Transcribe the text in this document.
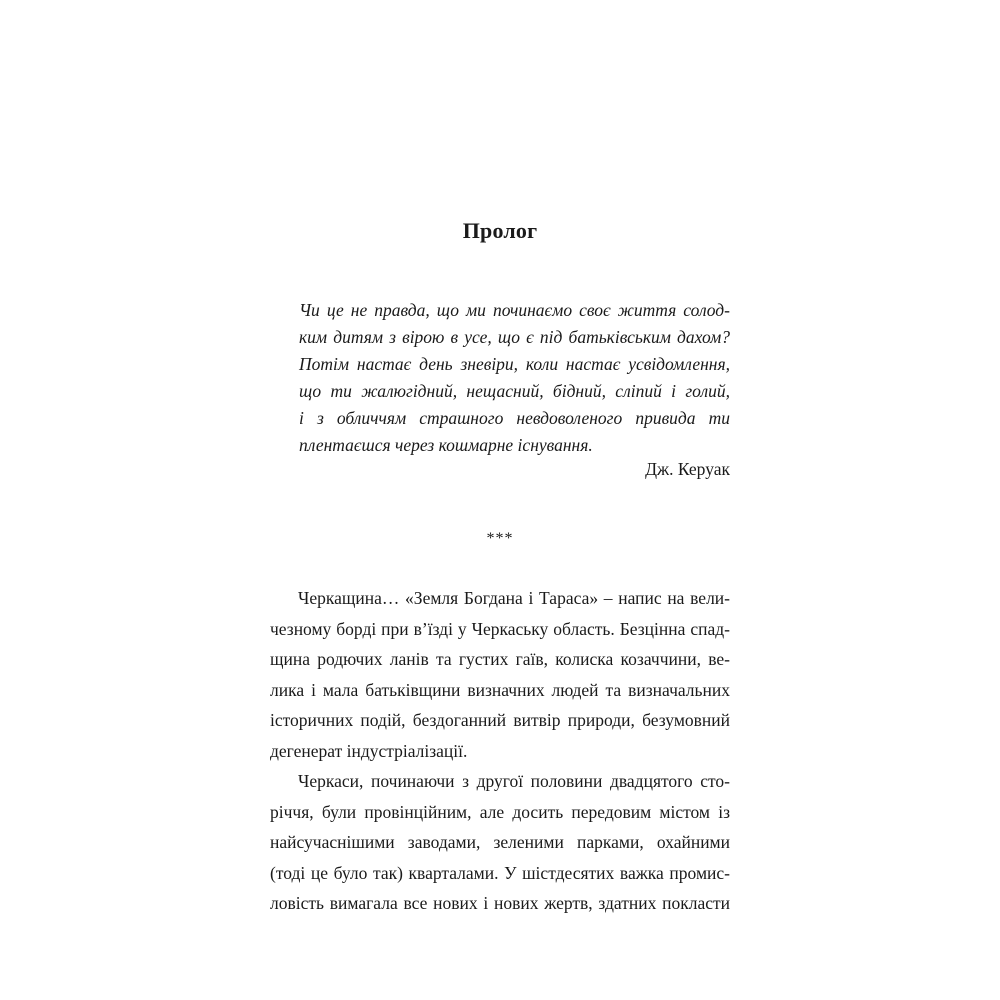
Пролог
Чи це не правда, що ми починаємо своє життя солод-
ким дитям з вірою в усе, що є під батьківським дахом?
Потім настає день зневіри, коли настає усвідомлення,
що ти жалюгідний, нещасний, бідний, сліпий і голий,
і з обличчям страшного невдоволеного привида ти
плентаєшся через кошмарне існування.
Дж. Керуак
***
Черкащина… «Земля Богдана і Тараса» – напис на вели-
чезному борді при в’їзді у Черкаську область. Безцінна спад-
щина родючих ланів та густих гаїв, колиска козаччини, ве-
лика і мала батьківщини визначних людей та визначальних
історичних подій, бездоганний витвір природи, безумовний
дегенерат індустріалізації.
Черкаси, починаючи з другої половини двадцятого сто-
річчя, були провінційним, але досить передовим містом із
найсучаснішими заводами, зеленими парками, охайними
(тоді це було так) кварталами. У шістдесятих важка промис-
ловість вимагала все нових і нових жертв, здатних покласти
